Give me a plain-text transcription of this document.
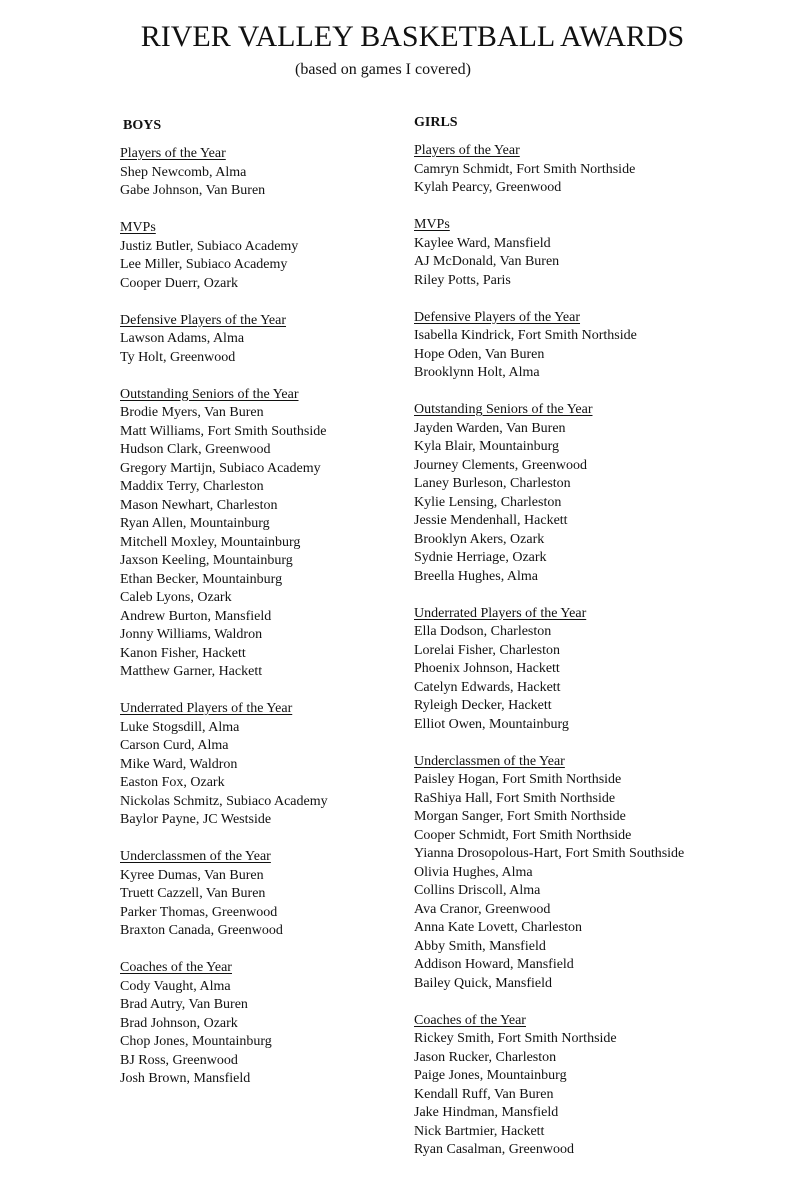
RIVER VALLEY BASKETBALL AWARDS
(based on games I covered)
BOYS
Players of the Year
Shep Newcomb, Alma
Gabe Johnson, Van Buren
MVPs
Justiz Butler, Subiaco Academy
Lee Miller, Subiaco Academy
Cooper Duerr, Ozark
Defensive Players of the Year
Lawson Adams, Alma
Ty Holt, Greenwood
Outstanding Seniors of the Year
Brodie Myers, Van Buren
Matt Williams, Fort Smith Southside
Hudson Clark, Greenwood
Gregory Martijn, Subiaco Academy
Maddix Terry, Charleston
Mason Newhart, Charleston
Ryan Allen, Mountainburg
Mitchell Moxley, Mountainburg
Jaxson Keeling, Mountainburg
Ethan Becker, Mountainburg
Caleb Lyons, Ozark
Andrew Burton, Mansfield
Jonny Williams, Waldron
Kanon Fisher, Hackett
Matthew Garner, Hackett
Underrated Players of the Year
Luke Stogsdill, Alma
Carson Curd, Alma
Mike Ward, Waldron
Easton Fox, Ozark
Nickolas Schmitz, Subiaco Academy
Baylor Payne, JC Westside
Underclassmen of the Year
Kyree Dumas, Van Buren
Truett Cazzell, Van Buren
Parker Thomas, Greenwood
Braxton Canada, Greenwood
Coaches of the Year
Cody Vaught, Alma
Brad Autry, Van Buren
Brad Johnson, Ozark
Chop Jones, Mountainburg
BJ Ross, Greenwood
Josh Brown, Mansfield
GIRLS
Players of the Year
Camryn Schmidt, Fort Smith Northside
Kylah Pearcy, Greenwood
MVPs
Kaylee Ward, Mansfield
AJ McDonald, Van Buren
Riley Potts, Paris
Defensive Players of the Year
Isabella Kindrick, Fort Smith Northside
Hope Oden, Van Buren
Brooklynn Holt, Alma
Outstanding Seniors of the Year
Jayden Warden, Van Buren
Kyla Blair, Mountainburg
Journey Clements, Greenwood
Laney Burleson, Charleston
Kylie Lensing, Charleston
Jessie Mendenhall, Hackett
Brooklyn Akers, Ozark
Sydnie Herriage, Ozark
Breella Hughes, Alma
Underrated Players of the Year
Ella Dodson, Charleston
Lorelai Fisher, Charleston
Phoenix Johnson, Hackett
Catelyn Edwards, Hackett
Ryleigh Decker, Hackett
Elliot Owen, Mountainburg
Underclassmen of the Year
Paisley Hogan, Fort Smith Northside
RaShiya Hall, Fort Smith Northside
Morgan Sanger, Fort Smith Northside
Cooper Schmidt, Fort Smith Northside
Yianna Drosopolous-Hart, Fort Smith Southside
Olivia Hughes, Alma
Collins Driscoll, Alma
Ava Cranor, Greenwood
Anna Kate Lovett, Charleston
Abby Smith, Mansfield
Addison Howard, Mansfield
Bailey Quick, Mansfield
Coaches of the Year
Rickey Smith, Fort Smith Northside
Jason Rucker, Charleston
Paige Jones, Mountainburg
Kendall Ruff, Van Buren
Jake Hindman, Mansfield
Nick Bartmier, Hackett
Ryan Casalman, Greenwood
